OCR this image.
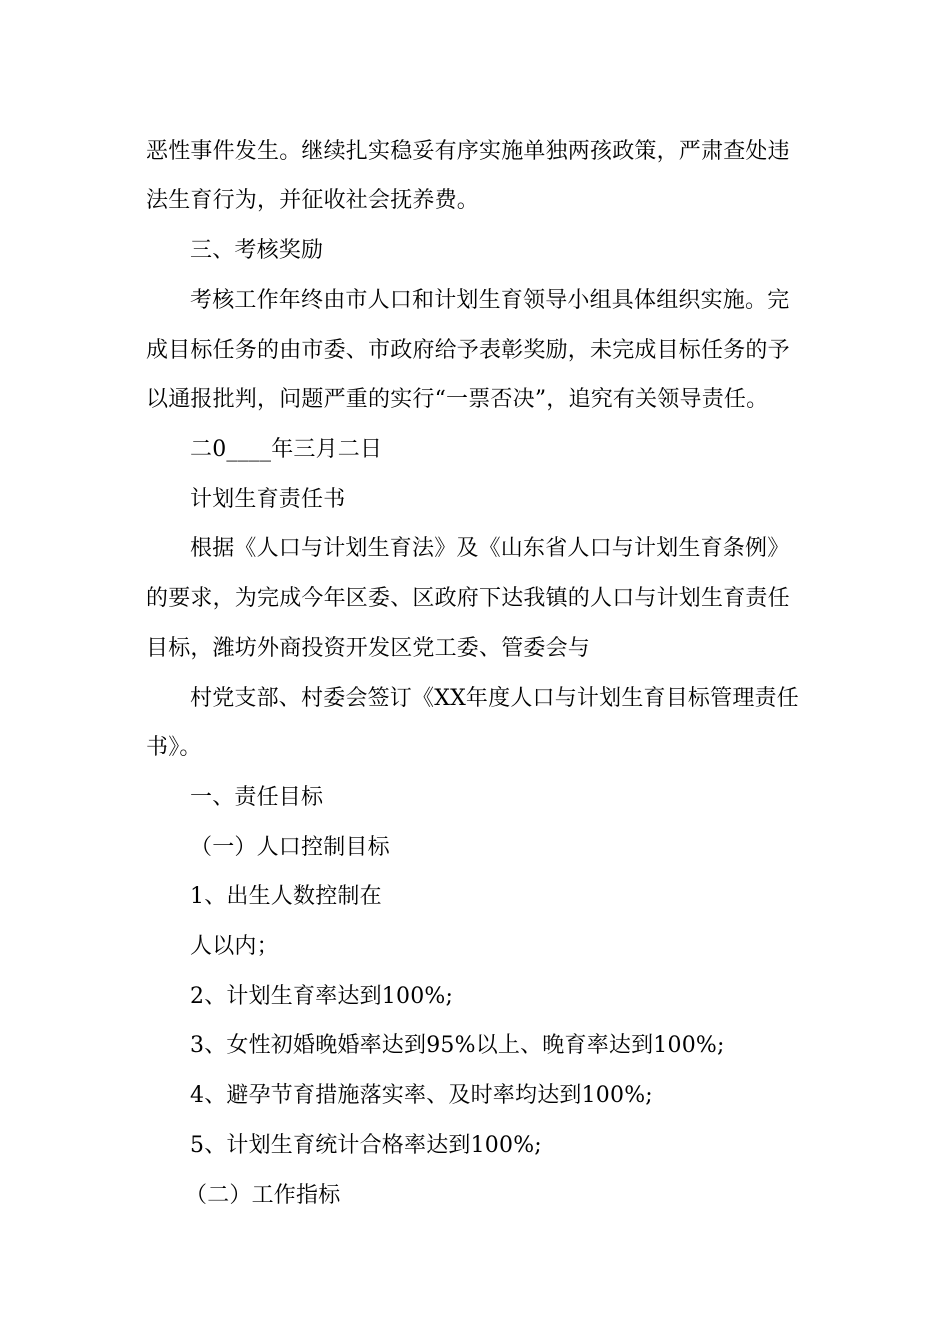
恶性事件发生。继续扎实稳妥有序实施单独两孩政策，严肃查处违
法生育行为，并征收社会抚养费。
三、考核奖励
考核工作年终由市人口和计划生育领导小组具体组织实施。完
成目标任务的由市委、市政府给予表彰奖励，未完成目标任务的予
以通报批判，问题严重的实行“一票否决”，追究有关领导责任。
二0____年三月二日
计划生育责任书
根据《人口与计划生育法》及《山东省人口与计划生育条例》
的要求，为完成今年区委、区政府下达我镇的人口与计划生育责任
目标，潍坊外商投资开发区党工委、管委会与
村党支部、村委会签订《XX年度人口与计划生育目标管理责任
书》。
一、责任目标
（一）人口控制目标
1、出生人数控制在
人以内；
2、计划生育率达到100%;
3、女性初婚晚婚率达到95%以上、晚育率达到100%;
4、避孕节育措施落实率、及时率均达到100%;
5、计划生育统计合格率达到100%;
（二）工作指标
